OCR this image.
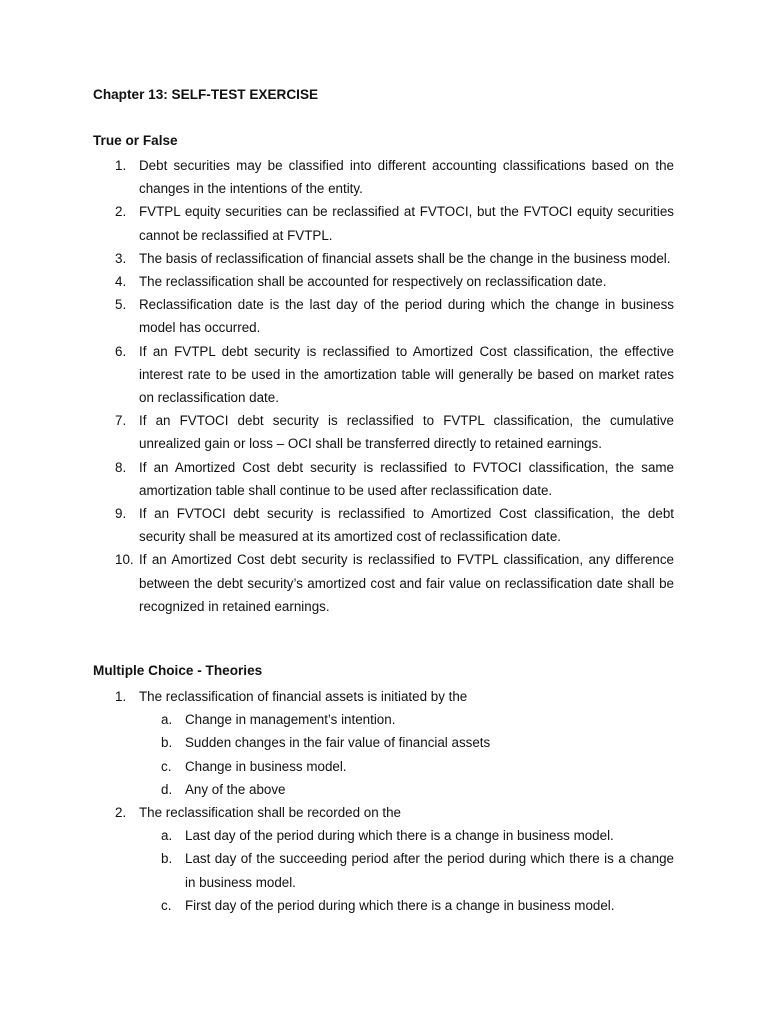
Chapter 13: SELF-TEST EXERCISE
True or False
1. Debt securities may be classified into different accounting classifications based on the changes in the intentions of the entity.
2. FVTPL equity securities can be reclassified at FVTOCI, but the FVTOCI equity securities cannot be reclassified at FVTPL.
3. The basis of reclassification of financial assets shall be the change in the business model.
4. The reclassification shall be accounted for respectively on reclassification date.
5. Reclassification date is the last day of the period during which the change in business model has occurred.
6. If an FVTPL debt security is reclassified to Amortized Cost classification, the effective interest rate to be used in the amortization table will generally be based on market rates on reclassification date.
7. If an FVTOCI debt security is reclassified to FVTPL classification, the cumulative unrealized gain or loss – OCI shall be transferred directly to retained earnings.
8. If an Amortized Cost debt security is reclassified to FVTOCI classification, the same amortization table shall continue to be used after reclassification date.
9. If an FVTOCI debt security is reclassified to Amortized Cost classification, the debt security shall be measured at its amortized cost of reclassification date.
10. If an Amortized Cost debt security is reclassified to FVTPL classification, any difference between the debt security’s amortized cost and fair value on reclassification date shall be recognized in retained earnings.
Multiple Choice - Theories
1. The reclassification of financial assets is initiated by the
a. Change in management’s intention.
b. Sudden changes in the fair value of financial assets
c. Change in business model.
d. Any of the above
2. The reclassification shall be recorded on the
a. Last day of the period during which there is a change in business model.
b. Last day of the succeeding period after the period during which there is a change in business model.
c. First day of the period during which there is a change in business model.
